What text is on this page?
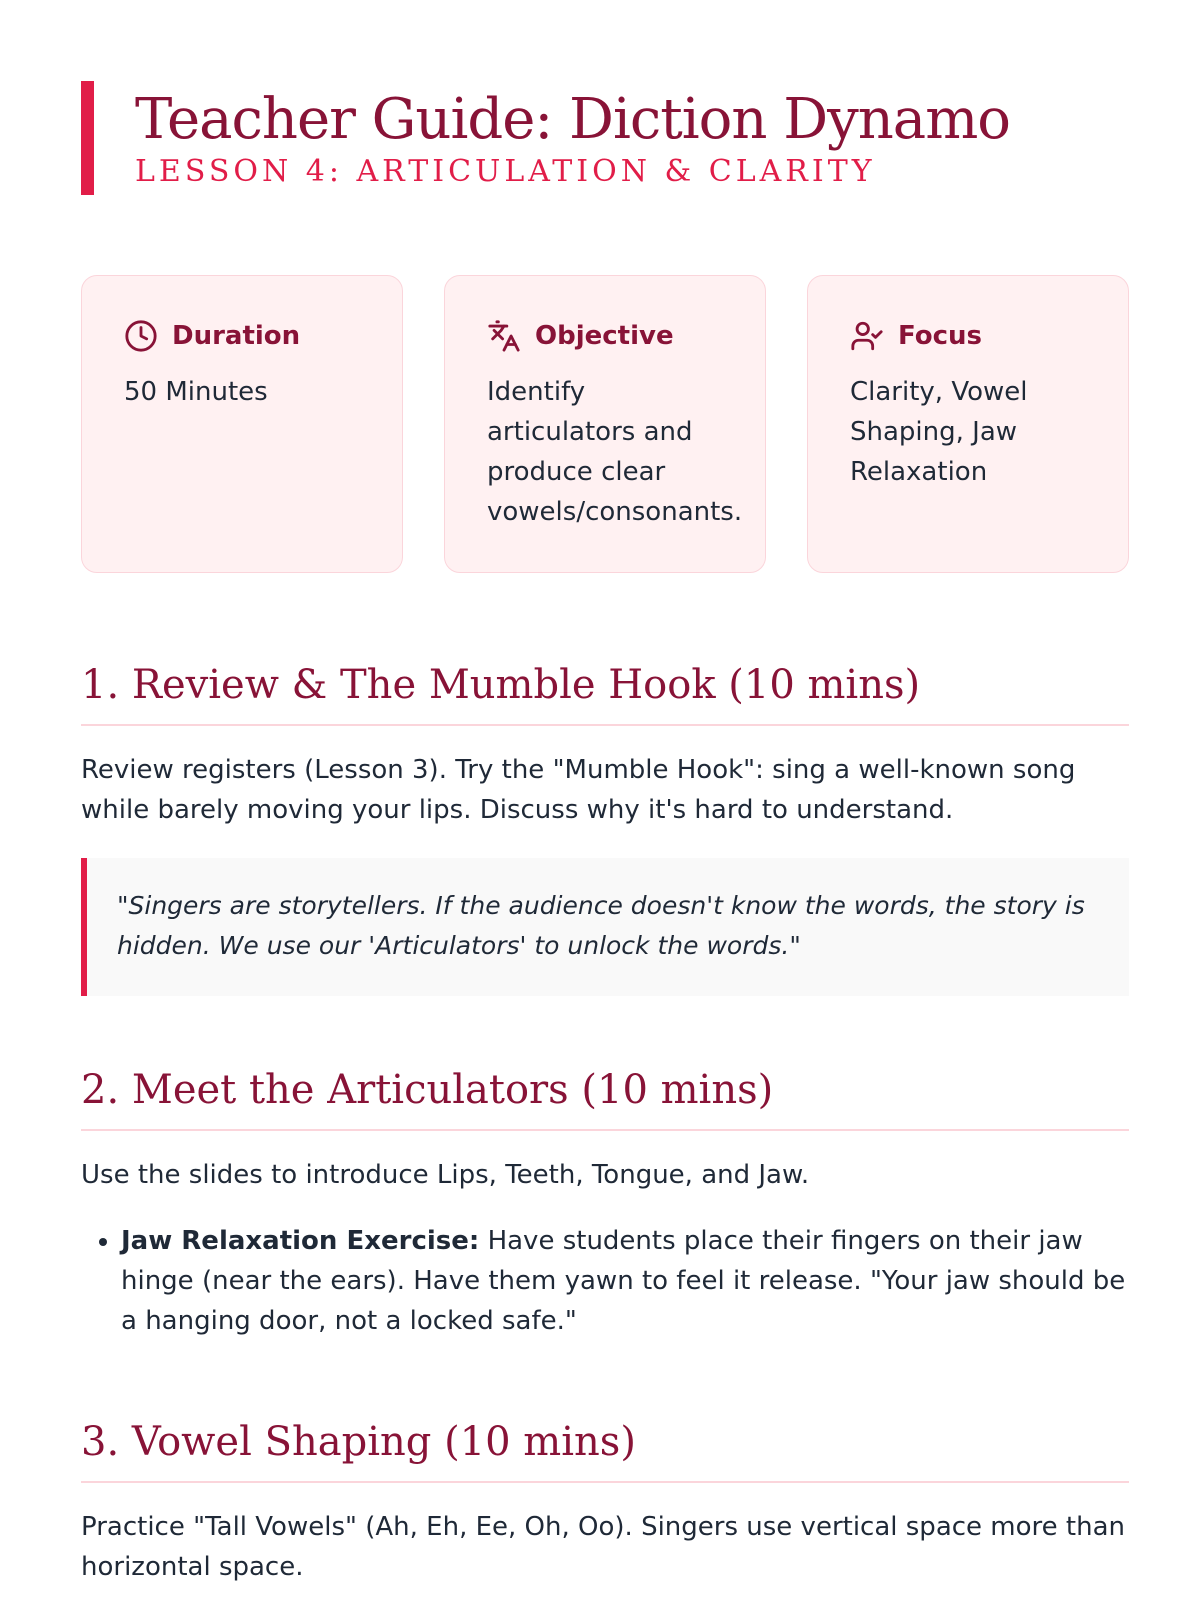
Teacher Guide: Diction Dynamo
LESSON 4: ARTICULATION & CLARITY
Duration
50 Minutes
Objective
Identify articulators and produce clear vowels/consonants.
Focus
Clarity, Vowel Shaping, Jaw Relaxation
1. Review & The Mumble Hook (10 mins)

Review registers (Lesson 3). Try the "Mumble Hook": sing a well-known song while barely moving your lips. Discuss why it's hard to understand.

"Singers are storytellers. If the audience doesn't know the words, the story is hidden. We use our 'Articulators' to unlock the words."
2. Meet the Articulators (10 mins)

Use the slides to introduce Lips, Teeth, Tongue, and Jaw.

• Jaw Relaxation Exercise: Have students place their fingers on their jaw hinge (near the ears). Have them yawn to feel it release. "Your jaw should be a hanging door, not a locked safe."
3. Vowel Shaping (10 mins)

Practice "Tall Vowels" (Ah, Eh, Ee, Oh, Oo). Singers use vertical space more than horizontal space.
